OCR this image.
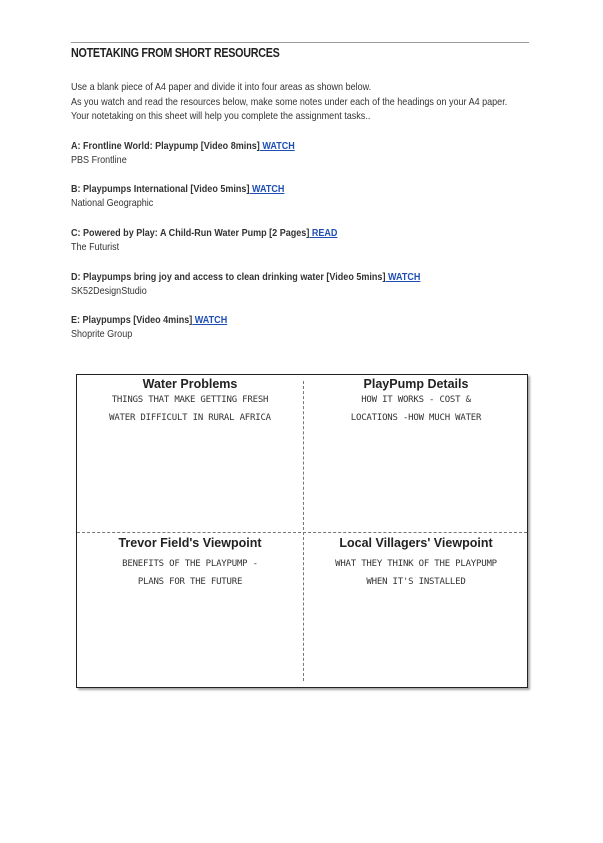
NOTETAKING FROM SHORT RESOURCES
Use a blank piece of A4 paper and divide it into four areas as shown below.
As you watch and read the resources below, make some notes under each of the headings on your A4 paper.
Your notetaking on this sheet will help you complete the assignment tasks..
A: Frontline World: Playpump [Video 8mins] WATCH
PBS Frontline
B: Playpumps International [Video 5mins] WATCH
National Geographic
C: Powered by Play: A Child-Run Water Pump [2 Pages] READ
The Futurist
D: Playpumps bring joy and access to clean drinking water [Video 5mins] WATCH
SK52DesignStudio
E: Playpumps [Video 4mins] WATCH
Shoprite Group
Water Problems
THINGS THAT MAKE GETTING FRESH
WATER DIFFICULT IN RURAL AFRICA
PlayPump Details
HOW IT WORKS - COST &
LOCATIONS -HOW MUCH WATER
Trevor Field's Viewpoint
BENEFITS OF THE PLAYPUMP -
PLANS FOR THE FUTURE
Local Villagers' Viewpoint
WHAT THEY THINK OF THE PLAYPUMP
WHEN IT'S INSTALLED
